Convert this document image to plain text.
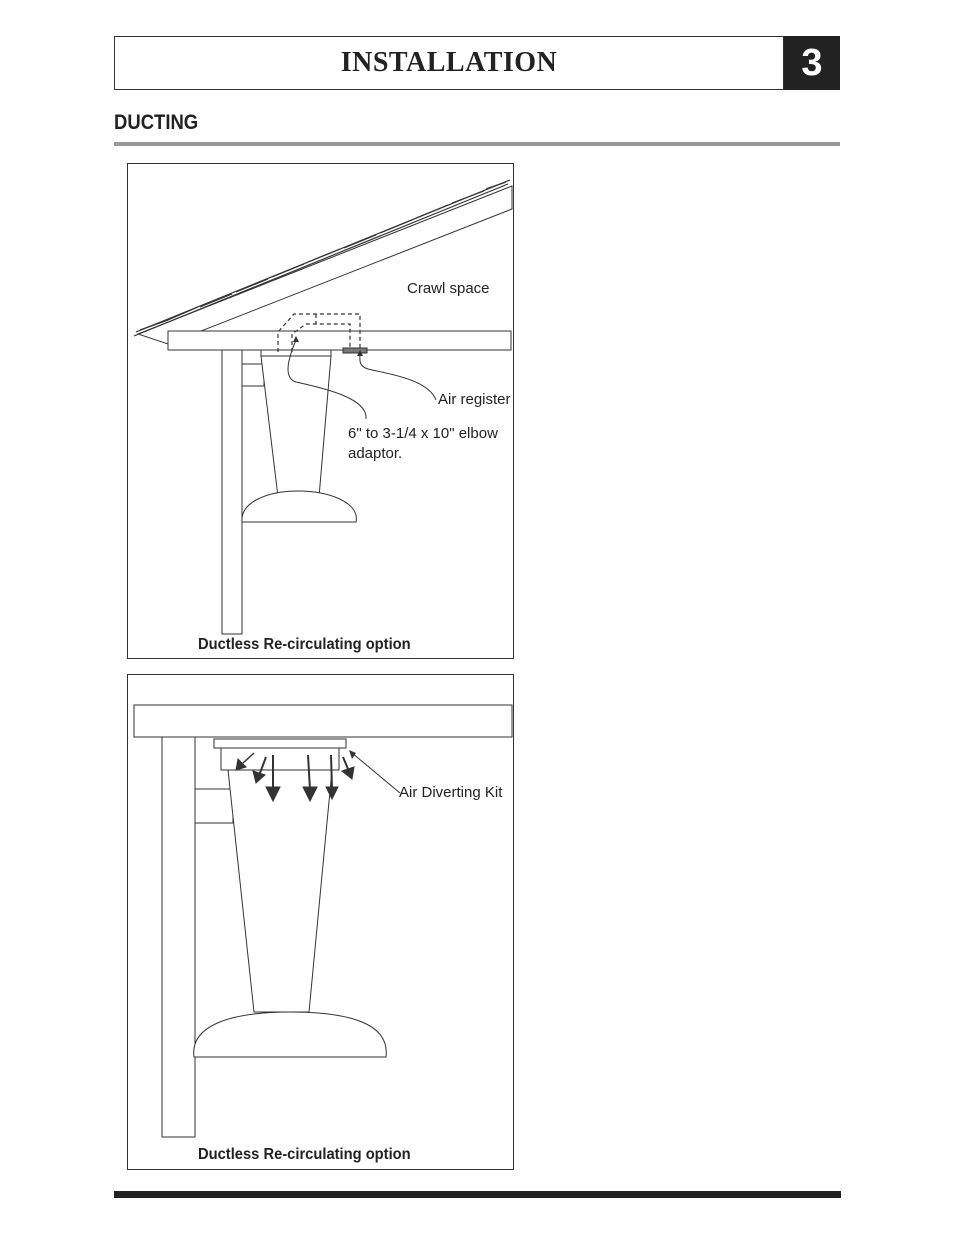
INSTALLATION	3
DUCTING
Crawl space
Air register
6" to 3-1/4 x 10" elbow adaptor.
Ductless Re-circulating option
Air Diverting Kit
Ductless Re-circulating option
